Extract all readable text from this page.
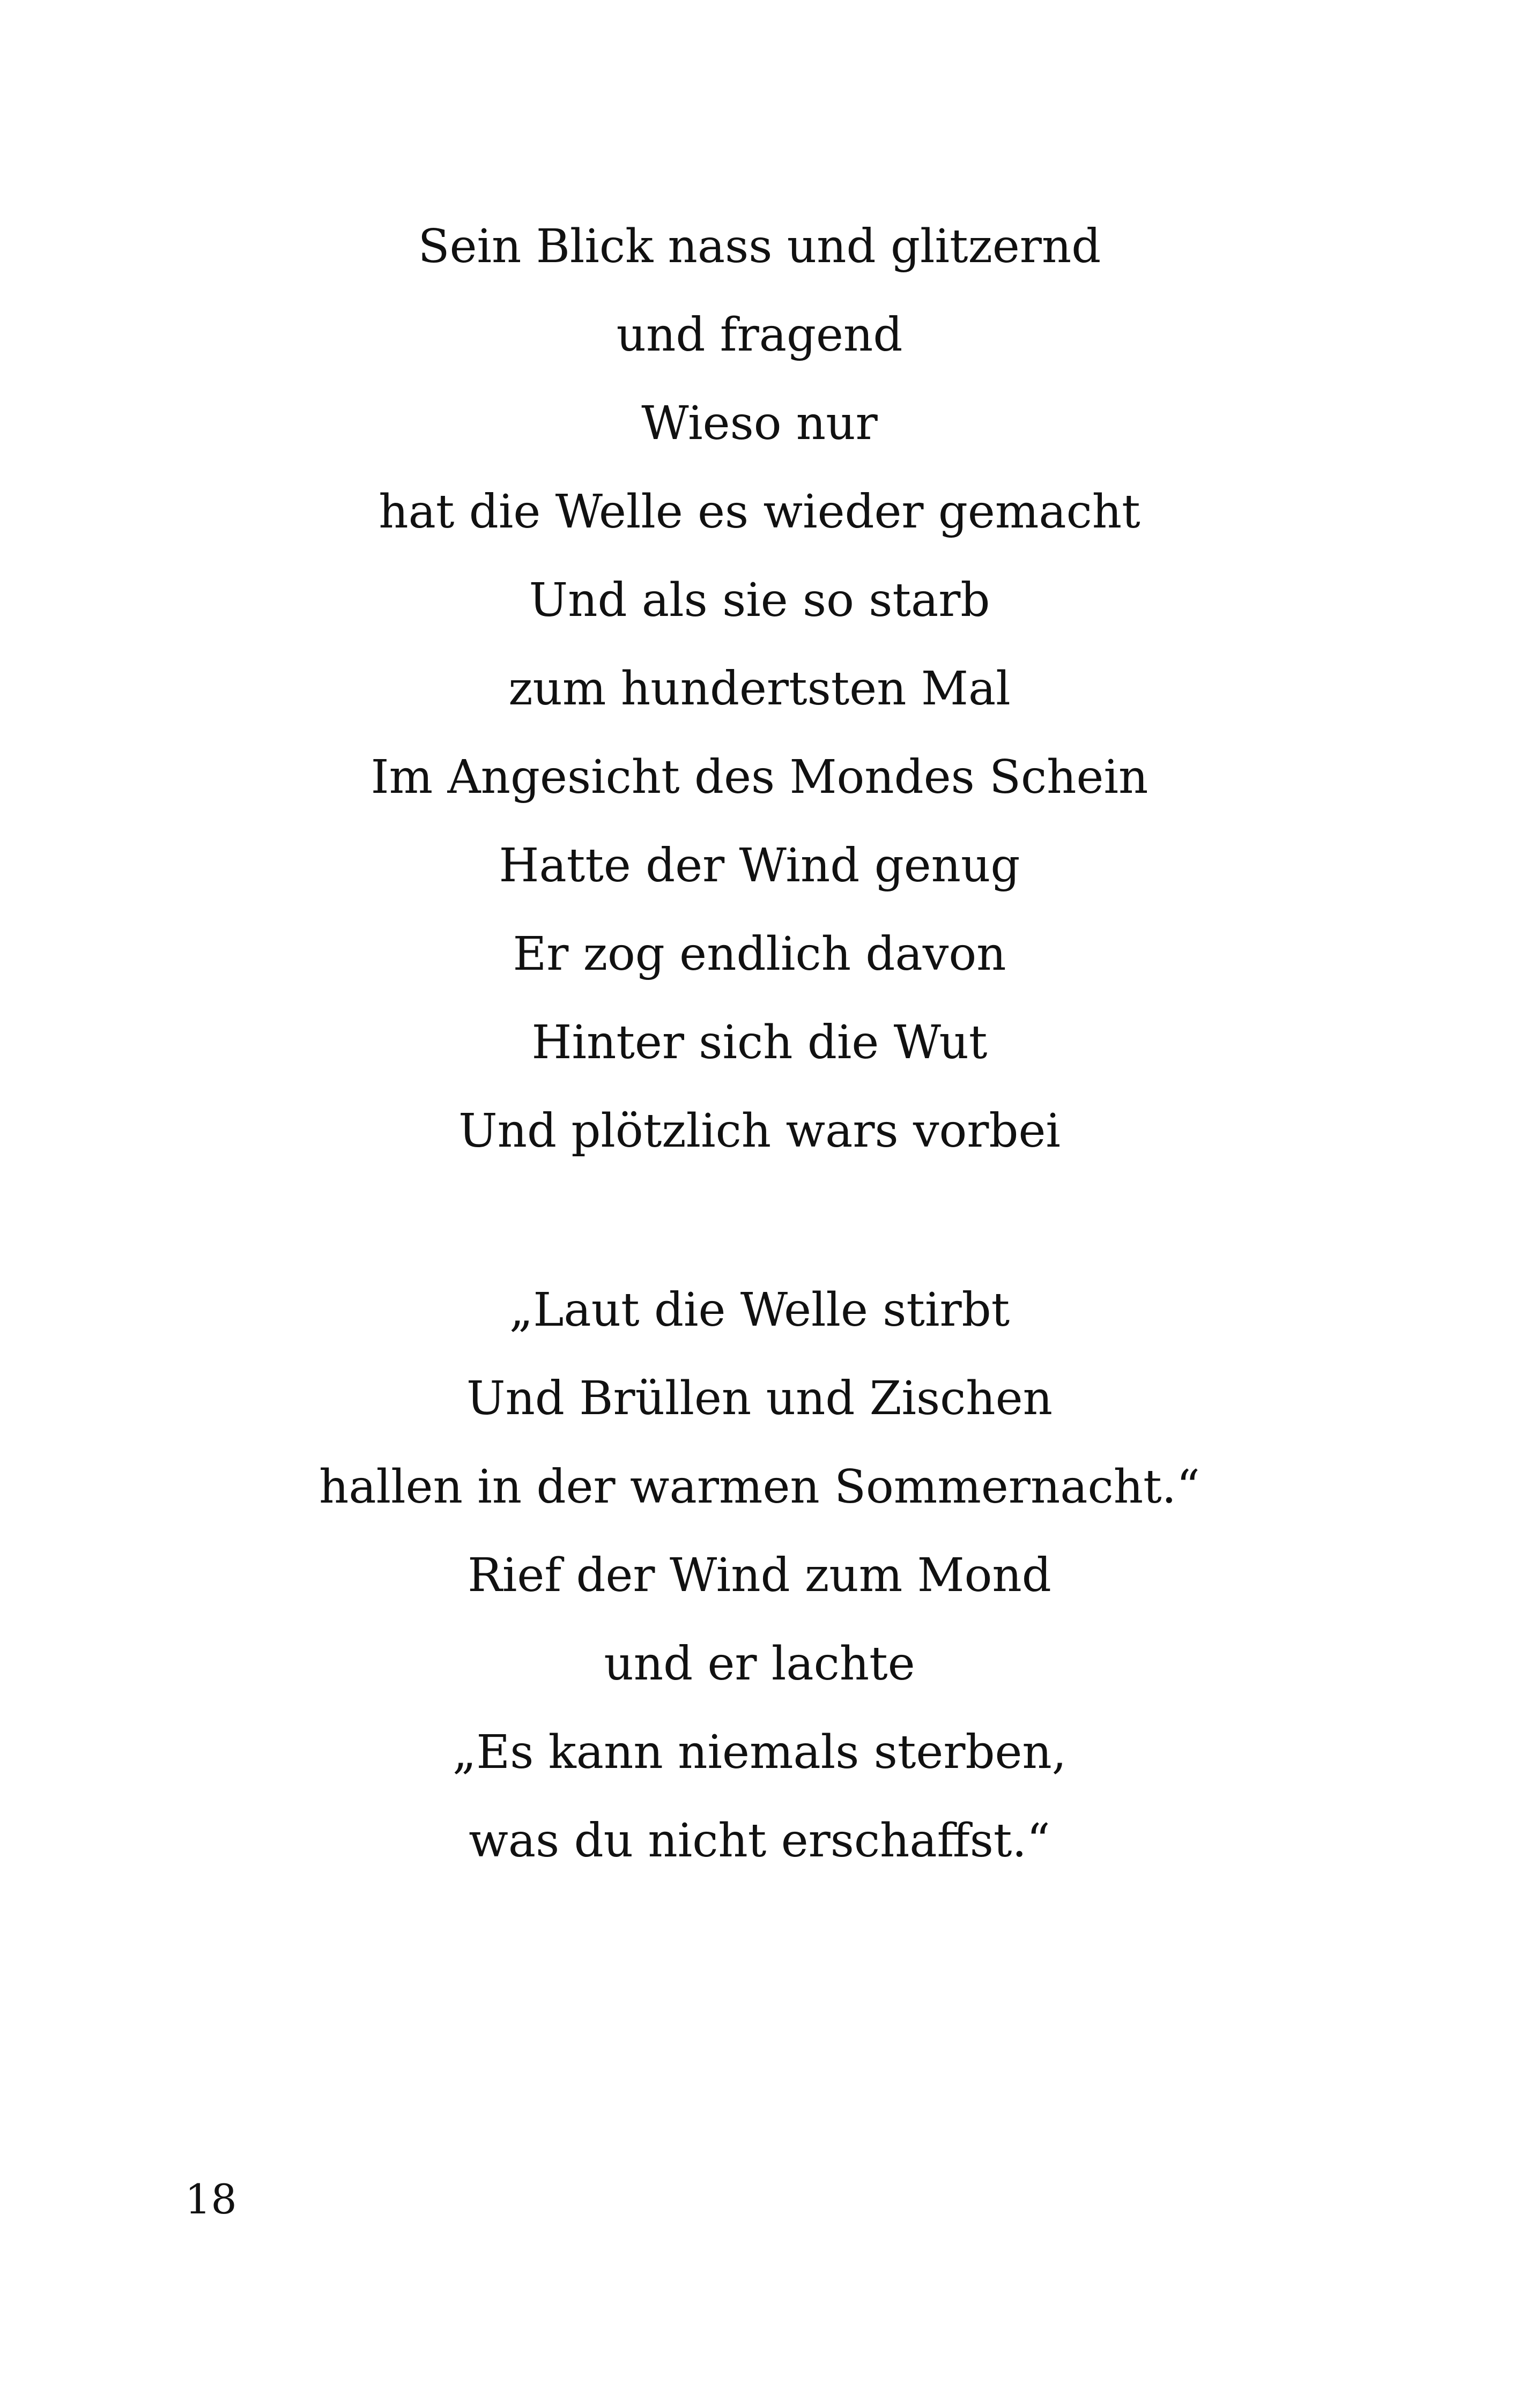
Sein Blick nass und glitzernd
und fragend
Wieso nur
hat die Welle es wieder gemacht
Und als sie so starb
zum hundertsten Mal
Im Angesicht des Mondes Schein
Hatte der Wind genug
Er zog endlich davon
Hinter sich die Wut
Und plötzlich wars vorbei
„Laut die Welle stirbt
Und Brüllen und Zischen
hallen in der warmen Sommernacht.“
Rief der Wind zum Mond
und er lachte
„Es kann niemals sterben,
was du nicht erschaffst.“
18
